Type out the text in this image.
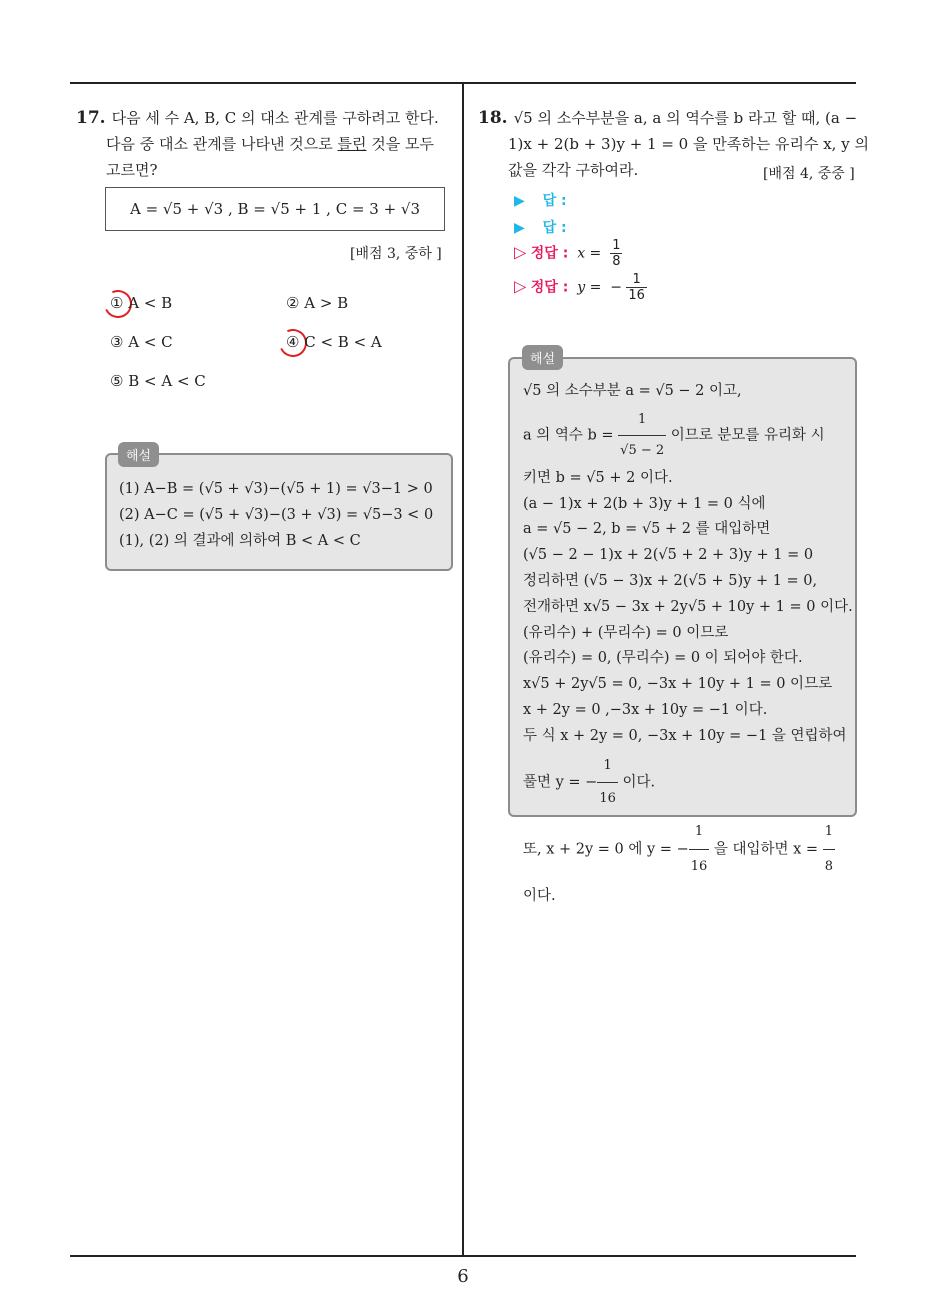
17. 다음 세 수 A, B, C 의 대소 관계를 구하려고 한다.

다음 중 대소 관계를 나타낸 것으로 틀린 것을 모두

고르면?

A = √5 + √3 , B = √5 + 1 , C = 3 + √3
[배점 3, 중하 ]
① A < B	② A > B
③ A < C	④ C < B < A
⑤ B < A < C

(1) A−B = (√5 + √3)−(√5 + 1) = √3−1 > 0

(2) A−C = (√5 + √3)−(3 + √3) = √5−3 < 0

(1), (2) 의 결과에 의하여 B < A < C

해설

18. √5 의 소수부분을 a, a 의 역수를 b 라고 할 때, (a −

1)x + 2(b + 3)y + 1 = 0 을 만족하는 유리수 x, y 의

값을 각각 구하여라.	[배점 4, 중중 ]
▶ 답 :
▶ 답 :
▷ 정답 : $x = \frac{1}{8}$
▷ 정답 : y = − $\frac{1}{16}$

√5 의 소수부분 a = √5 − 2 이고,

a 의 역수 $b = \frac{1}{√5 - 2}$ 이므로 분모를 유리화 시

키면 b = √5 + 2 이다.

(a − 1)x + 2(b + 3)y + 1 = 0 식에

a = √5 − 2, b = √5 + 2 를 대입하면

(√5 − 2 − 1)x + 2(√5 + 2 + 3)y + 1 = 0

정리하면 (√5 − 3)x + 2(√5 + 5)y + 1 = 0,

전개하면 x√5 − 3x + 2y√5 + 10y + 1 = 0 이다.

(유리수) + (무리수) = 0 이므로

(유리수) = 0, (무리수) = 0 이 되어야 한다.

x√5 + 2y√5 = 0, −3x + 10y + 1 = 0 이므로

x + 2y = 0 ,−3x + 10y = −1 이다.

두 식 x + 2y = 0, −3x + 10y = −1 을 연립하여

풀면 y = − $\frac{1}{16}$ 이다.

또, x + 2y = 0 에 y = − $\frac{1}{16}$ 을 대입하면 $x = \frac{1}{8}$

이다.

해설
6
